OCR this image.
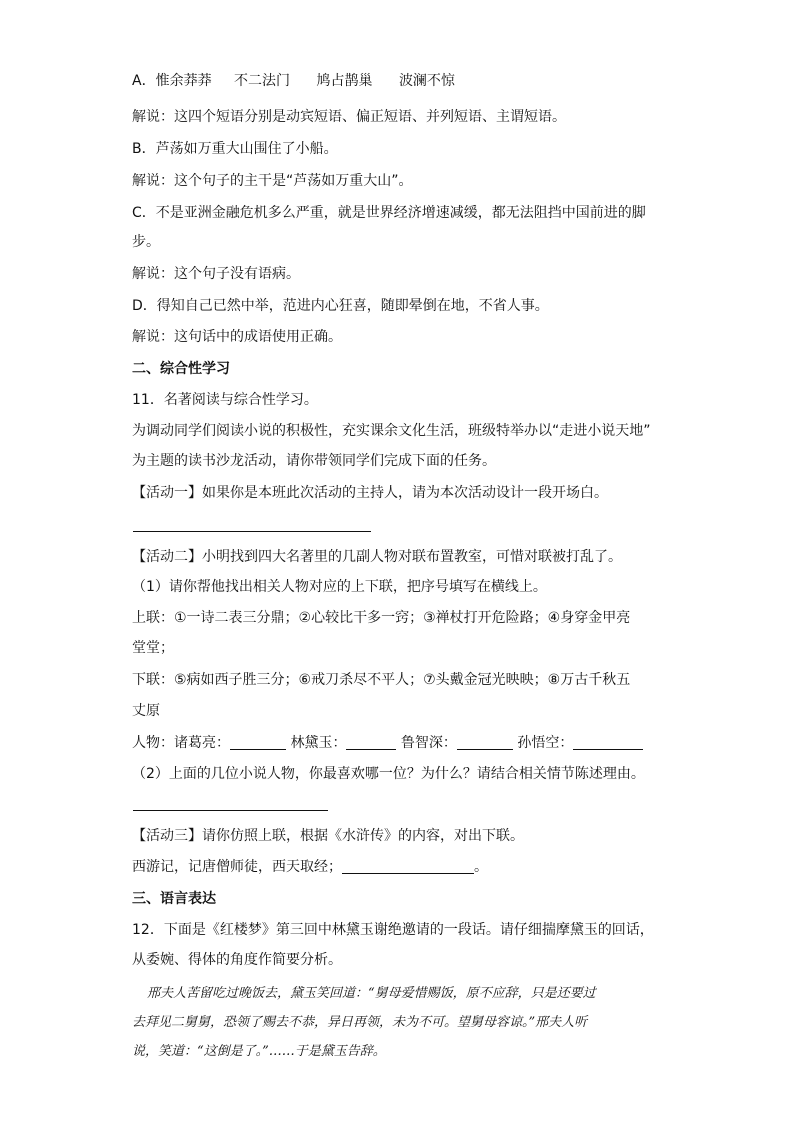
A．惟余莽莽 不二法门 鸠占鹊巢 波澜不惊
解说：这四个短语分别是动宾短语、偏正短语、并列短语、主谓短语。
B．芦荡如万重大山围住了小船。
解说：这个句子的主干是“芦荡如万重大山”。
C．不是亚洲金融危机多么严重，就是世界经济增速减缓，都无法阻挡中国前进的脚
步。
解说：这个句子没有语病。
D．得知自己已然中举，范进内心狂喜，随即晕倒在地，不省人事。
解说：这句话中的成语使用正确。
二、综合性学习
11．名著阅读与综合性学习。
为调动同学们阅读小说的积极性，充实课余文化生活，班级特举办以“走进小说天地”
为主题的读书沙龙活动，请你带领同学们完成下面的任务。
【活动一】如果你是本班此次活动的主持人，请为本次活动设计一段开场白。
【活动二】小明找到四大名著里的几副人物对联布置教室，可惜对联被打乱了。
（1）请你帮他找出相关人物对应的上下联，把序号填写在横线上。
上联：①一诗二表三分鼎；②心较比干多一窍；③禅杖打开危险路；④身穿金甲亮
堂堂；
下联：⑤病如西子胜三分；⑥戒刀杀尽不平人；⑦头戴金冠光映映；⑧万古千秋五
丈原
人物：诸葛亮：	林黛玉：	鲁智深：	孙悟空：
（2）上面的几位小说人物，你最喜欢哪一位？为什么？请结合相关情节陈述理由。
【活动三】请你仿照上联，根据《水浒传》的内容，对出下联。
西游记，记唐僧师徒，西天取经；	。
三、语言表达
12．下面是《红楼梦》第三回中林黛玉谢绝邀请的一段话。请仔细揣摩黛玉的回话，
从委婉、得体的角度作简要分析。
邢夫人苦留吃过晚饭去，黛玉笑回道：“舅母爱惜赐饭，原不应辞，只是还要过
去拜见二舅舅，恐领了赐去不恭，异日再领，未为不可。望舅母容谅。”邢夫人听
说，笑道：“这倒是了。”……于是黛玉告辞。
